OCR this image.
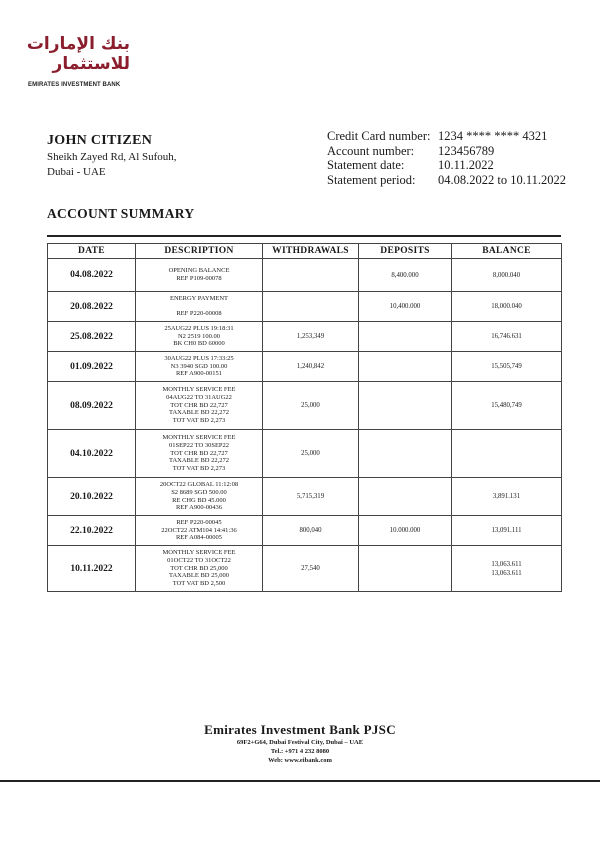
بنك الإمارات
للاستثمار
EMIRATES INVESTMENT BANK
JOHN CITIZEN
Sheikh Zayed Rd, Al Sufouh,
Dubai - UAE
Credit Card number: 1234 **** **** 4321
Account number:	123456789
Statement date:	10.11.2022
Statement period:	04.08.2022 to 10.11.2022
ACCOUNT SUMMARY
DATE	DESCRIPTION	WITHDRAWALS	DEPOSITS	BALANCE
04.08.2022	OPENING BALANCE
REF P109-00078		8,400.000	8,000.040

20.08.2022	ENERGY PAYMENT
REF P220-00008		10,400.000	18,000.040

25.08.2022	25AUG22 PLUS 19:18:31
N2 2519 100.00
BK CH0 BD 60000	1,253,349		16,746.631

01.09.2022	30AUG22 PLUS 17:33:25
N3 3940 SGD 100.00
REF A900-00151	1,240,842		15,505,749

08.09.2022	MONTHLY SERVICE FEE
04AUG22 TO 31AUG22
TOT CHR BD 22,727
TAXABLE BD 22,272
TOT VAT BD 2,273	25,000		15,480,749

04.10.2022	MONTHLY SERVICE FEE
01SEP22 TO 30SEP22
TOT CHR BD 22,727
TAXABLE BD 22,272
TOT VAT BD 2,273	25,000		

20.10.2022	20OCT22 GLOBAL 11:12:08
S2 8689 SGD 500.00
RE CHG BD 45.000
REF A900-00436	5,715,319		3,891.131

22.10.2022	REF P220-00045
22OCT22 ATM104 14:41:36
REF A084-00005	800,040	10.000.000	13,091.111

10.11.2022	MONTHLY SERVICE FEE
01OCT22 TO 31OCT22
TOT CHR BD 25,000
TAXABLE BD 25,000
TOT VAT BD 2,500	27,540		13,063.611
13,063.611
Emirates Investment Bank PJSC
69F2+G64, Dubai Festival City, Dubai – UAE
Tel.: +971 4 232 8080
Web: www.eibank.com
